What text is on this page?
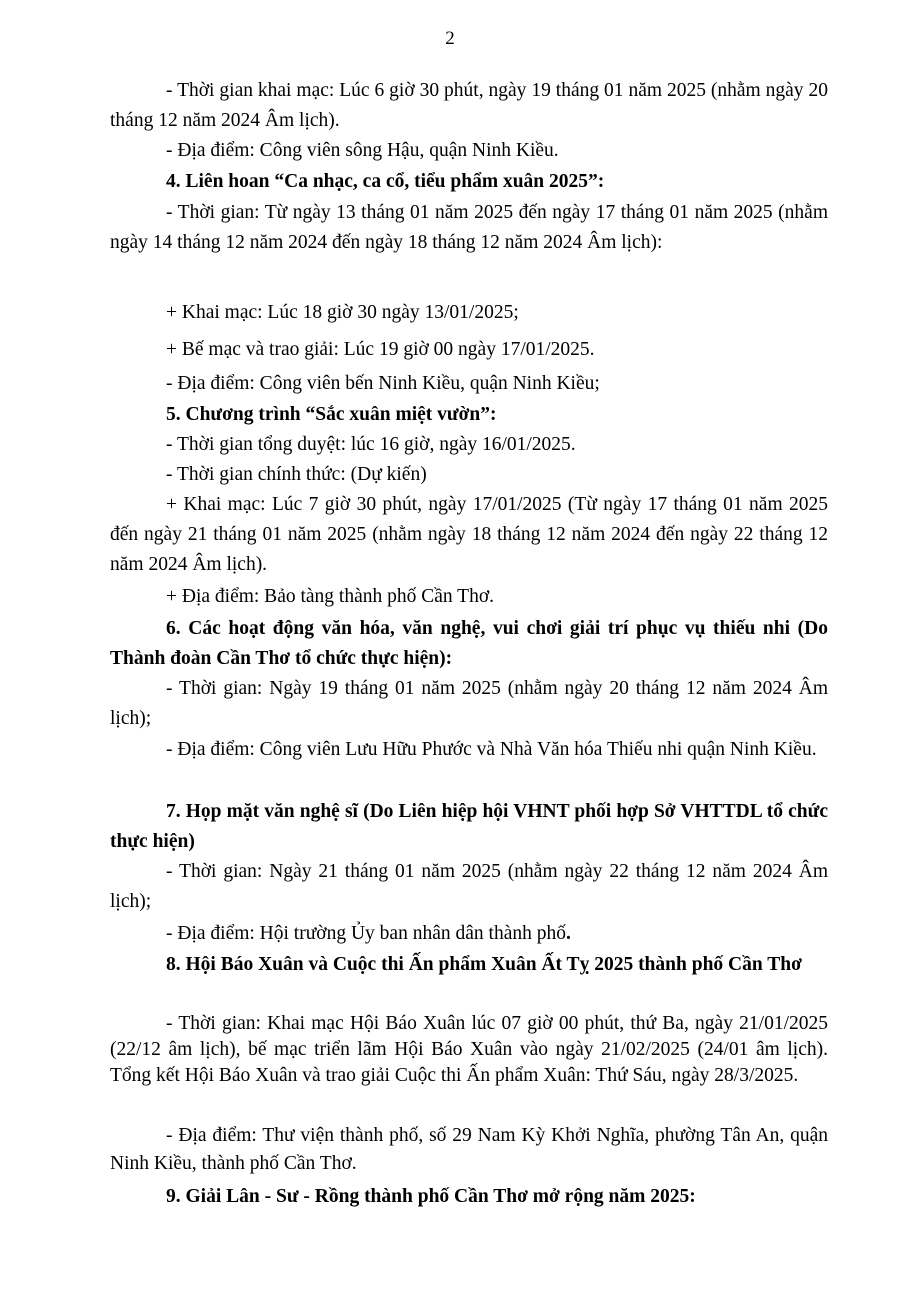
2

- Thời gian khai mạc: Lúc 6 giờ 30 phút, ngày 19 tháng 01 năm 2025 (nhằm ngày 20 tháng 12 năm 2024 Âm lịch).

- Địa điểm: Công viên sông Hậu, quận Ninh Kiều.

4. Liên hoan “Ca nhạc, ca cổ, tiểu phẩm xuân 2025”:

- Thời gian: Từ ngày 13 tháng 01 năm 2025 đến ngày 17 tháng 01 năm 2025 (nhằm ngày 14 tháng 12 năm 2024 đến ngày 18 tháng 12 năm 2024 Âm lịch):

+ Khai mạc: Lúc 18 giờ 30 ngày 13/01/2025;

+ Bế mạc và trao giải: Lúc 19 giờ 00 ngày 17/01/2025.

- Địa điểm: Công viên bến Ninh Kiều, quận Ninh Kiều;

5. Chương trình “Sắc xuân miệt vườn”:

- Thời gian tổng duyệt: lúc 16 giờ, ngày 16/01/2025.

- Thời gian chính thức: (Dự kiến)

+ Khai mạc: Lúc 7 giờ 30 phút, ngày 17/01/2025 (Từ ngày 17 tháng 01 năm 2025 đến ngày 21 tháng 01 năm 2025 (nhằm ngày 18 tháng 12 năm 2024 đến ngày 22 tháng 12 năm 2024 Âm lịch).

+ Địa điểm: Bảo tàng thành phố Cần Thơ.

6. Các hoạt động văn hóa, văn nghệ, vui chơi giải trí phục vụ thiếu nhi (Do Thành đoàn Cần Thơ tổ chức thực hiện):

- Thời gian: Ngày 19 tháng 01 năm 2025 (nhằm ngày 20 tháng 12 năm 2024 Âm lịch);

- Địa điểm: Công viên Lưu Hữu Phước và Nhà Văn hóa Thiếu nhi quận Ninh Kiều.

7. Họp mặt văn nghệ sĩ (Do Liên hiệp hội VHNT phối hợp Sở VHTTDL tổ chức thực hiện)

- Thời gian: Ngày 21 tháng 01 năm 2025 (nhằm ngày 22 tháng 12 năm 2024 Âm lịch);

- Địa điểm: Hội trường Ủy ban nhân dân thành phố.

8. Hội Báo Xuân và Cuộc thi Ấn phẩm Xuân Ất Tỵ 2025 thành phố Cần Thơ

- Thời gian: Khai mạc Hội Báo Xuân lúc 07 giờ 00 phút, thứ Ba, ngày 21/01/2025 (22/12 âm lịch), bế mạc triển lãm Hội Báo Xuân vào ngày 21/02/2025 (24/01 âm lịch). Tổng kết Hội Báo Xuân và trao giải Cuộc thi Ấn phẩm Xuân: Thứ Sáu, ngày 28/3/2025.

- Địa điểm: Thư viện thành phố, số 29 Nam Kỳ Khởi Nghĩa, phường Tân An, quận Ninh Kiều, thành phố Cần Thơ.

9. Giải Lân - Sư - Rồng thành phố Cần Thơ mở rộng năm 2025:
